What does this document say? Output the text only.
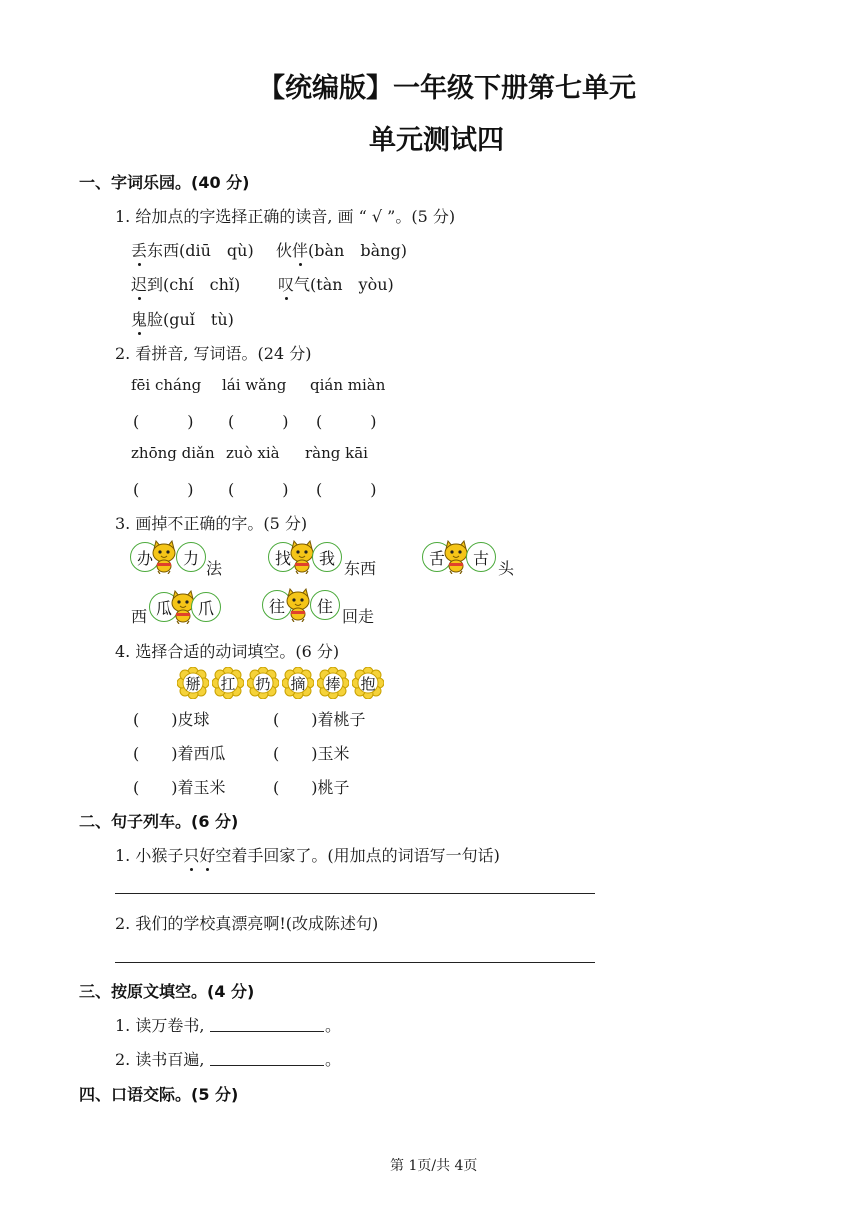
【统编版】一年级下册第七单元
单元测试四
一、字词乐园。(40 分)
1. 给加点的字选择正确的读音, 画 “ √ ”。(5 分)
丢东西(diū　qù) 伙伴(bàn　bàng)
迟到(chí　chǐ) 叹气(tàn　yòu)
鬼脸(guǐ　tù)
2. 看拼音, 写词语。(24 分)
fēi cháng lái wǎng qián miàn
(　　　) (　　　) (　　　)
zhōng diǎn zuò xià ràng kāi
(　　　) (　　　) (　　　)
3. 画掉不正确的字。(5 分)
办	力
法
找	我
东西
舌	古
头
西 瓜	爪	往	住
回走
4. 选择合适的动词填空。(6 分)
掰	扛	扔	摘	捧	抱
(　　)皮球	(　　)着桃子
(　　)着西瓜	(　　)玉米
(　　)着玉米	(　　)桃子
二、句子列车。(6 分)
1. 小猴子只好空着手回家了。(用加点的词语写一句话)
2. 我们的学校真漂亮啊!(改成陈述句)
三、按原文填空。(4 分)
1. 读万卷书,	。
2. 读书百遍,	。
四、口语交际。(5 分)
第 1页/共 4页
